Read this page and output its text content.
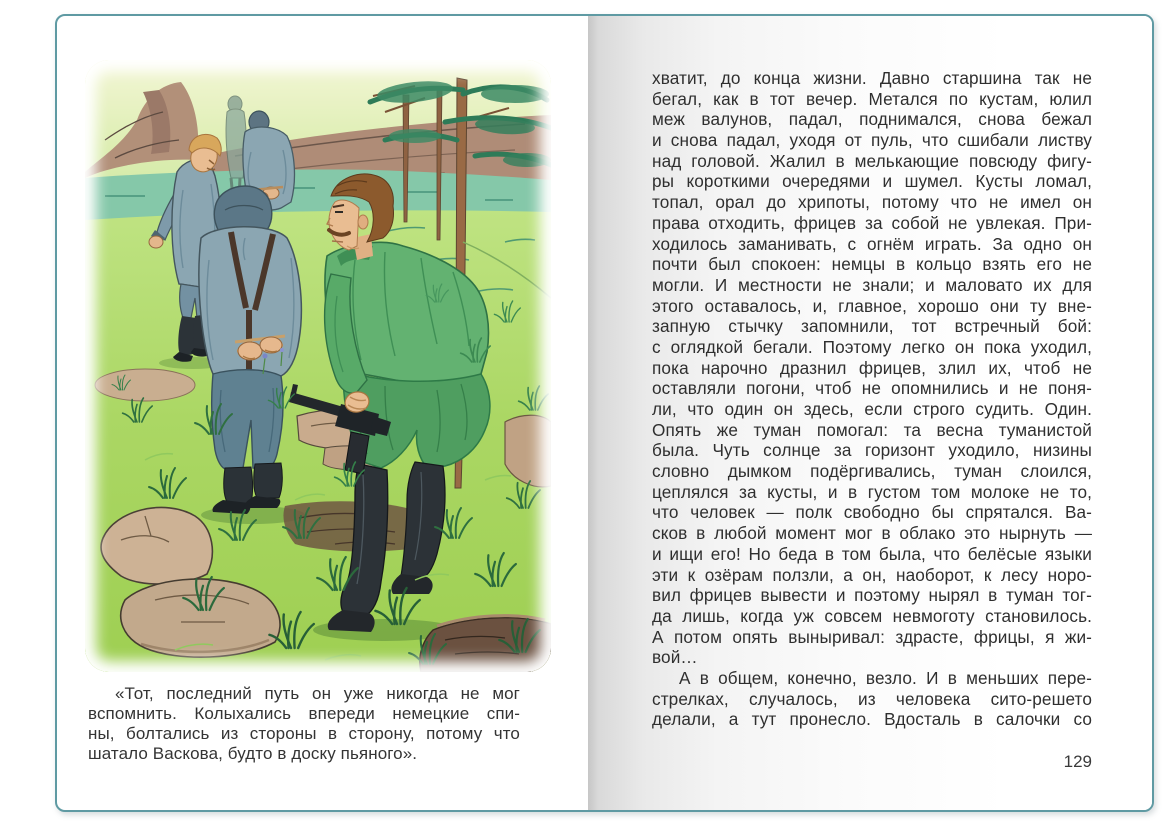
«Тот, последний путь он уже никогда не мог
вспомнить. Колыхались впереди немецкие спи-
ны, болтались из стороны в сторону, потому что
шатало Васкова, будто в доску пьяного».
хватит, до конца жизни. Давно старшина так не
бегал, как в тот вечер. Метался по кустам, юлил
меж валунов, падал, поднимался, снова бежал
и снова падал, уходя от пуль, что сшибали листву
над головой. Жалил в мелькающие повсюду фигу-
ры короткими очередями и шумел. Кусты ломал,
топал, орал до хрипоты, потому что не имел он
права отходить, фрицев за собой не увлекая. При-
ходилось заманивать, с огнём играть. За одно он
почти был спокоен: немцы в кольцо взять его не
могли. И местности не знали; и маловато их для
этого оставалось, и, главное, хорошо они ту вне-
запную стычку запомнили, тот встречный бой:
с оглядкой бегали. Поэтому легко он пока уходил,
пока нарочно дразнил фрицев, злил их, чтоб не
оставляли погони, чтоб не опомнились и не поня-
ли, что один он здесь, если строго судить. Один.
Опять же туман помогал: та весна туманистой
была. Чуть солнце за горизонт уходило, низины
словно дымком подёргивались, туман слоился,
цеплялся за кусты, и в густом том молоке не то,
что человек — полк свободно бы спрятался. Ва-
сков в любой момент мог в облако это нырнуть —
и ищи его! Но беда в том была, что белёсые языки
эти к озёрам ползли, а он, наоборот, к лесу норо-
вил фрицев вывести и поэтому нырял в туман тог-
да лишь, когда уж совсем невмоготу становилось.
А потом опять выныривал: здрасте, фрицы, я жи-
вой…
А в общем, конечно, везло. И в меньших пере-
стрелках, случалось, из человека сито-решето
делали, а тут пронесло. Вдосталь в салочки со
129
